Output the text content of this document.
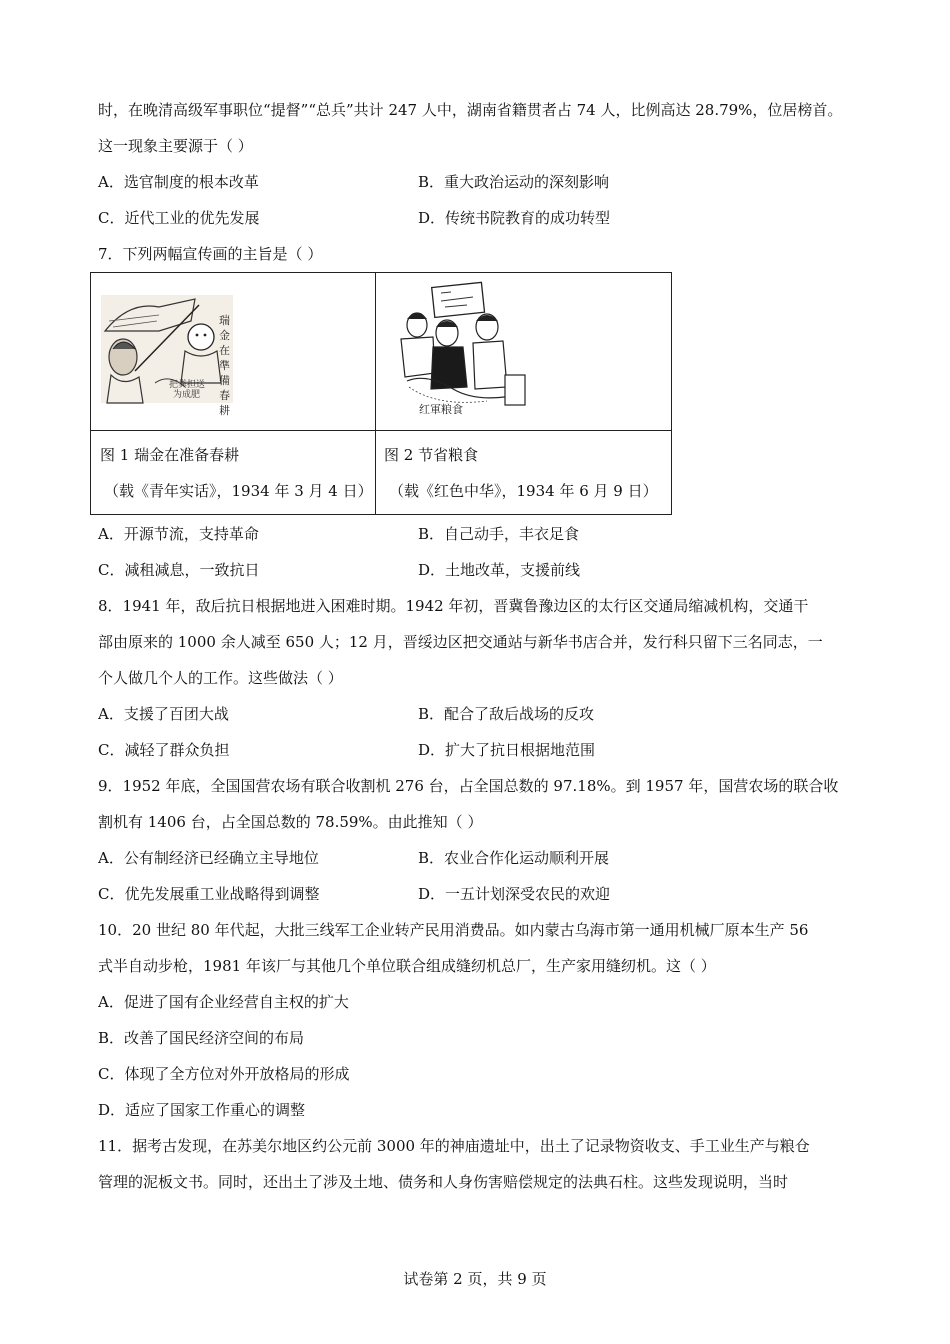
时，在晚清高级军事职位“提督”“总兵”共计 247 人中，湖南省籍贯者占 74 人，比例高达 28.79%，位居榜首。
这一现象主要源于（ ）
A．选官制度的根本改革	B．重大政治运动的深刻影响
C．近代工业的优先发展	D．传统书院教育的成功转型
7．下列两幅宣传画的主旨是（ ）
把粪担送
为成肥
瑞金在準備春耕	红軍粮食
图 1 瑞金在准备春耕
（载《青年实话》，1934 年 3 月 4 日）
图 2 节省粮食
（载《红色中华》，1934 年 6 月 9 日）
A．开源节流，支持革命	B．自己动手，丰衣足食
C．减租减息，一致抗日	D．土地改革，支援前线
8．1941 年，敌后抗日根据地进入困难时期。1942 年初，晋冀鲁豫边区的太行区交通局缩减机构，交通干
部由原来的 1000 余人减至 650 人；12 月，晋绥边区把交通站与新华书店合并，发行科只留下三名同志，一
个人做几个人的工作。这些做法（ ）
A．支援了百团大战	B．配合了敌后战场的反攻
C．减轻了群众负担	D．扩大了抗日根据地范围
9．1952 年底，全国国营农场有联合收割机 276 台，占全国总数的 97.18%。到 1957 年，国营农场的联合收
割机有 1406 台，占全国总数的 78.59%。由此推知（ ）
A．公有制经济已经确立主导地位	B．农业合作化运动顺利开展
C．优先发展重工业战略得到调整	D．一五计划深受农民的欢迎
10．20 世纪 80 年代起，大批三线军工企业转产民用消费品。如内蒙古乌海市第一通用机械厂原本生产 56
式半自动步枪，1981 年该厂与其他几个单位联合组成缝纫机总厂，生产家用缝纫机。这（ ）
A．促进了国有企业经营自主权的扩大
B．改善了国民经济空间的布局
C．体现了全方位对外开放格局的形成
D．适应了国家工作重心的调整
11．据考古发现，在苏美尔地区约公元前 3000 年的神庙遗址中，出土了记录物资收支、手工业生产与粮仓
管理的泥板文书。同时，还出土了涉及土地、债务和人身伤害赔偿规定的法典石柱。这些发现说明，当时
试卷第 2 页，共 9 页
